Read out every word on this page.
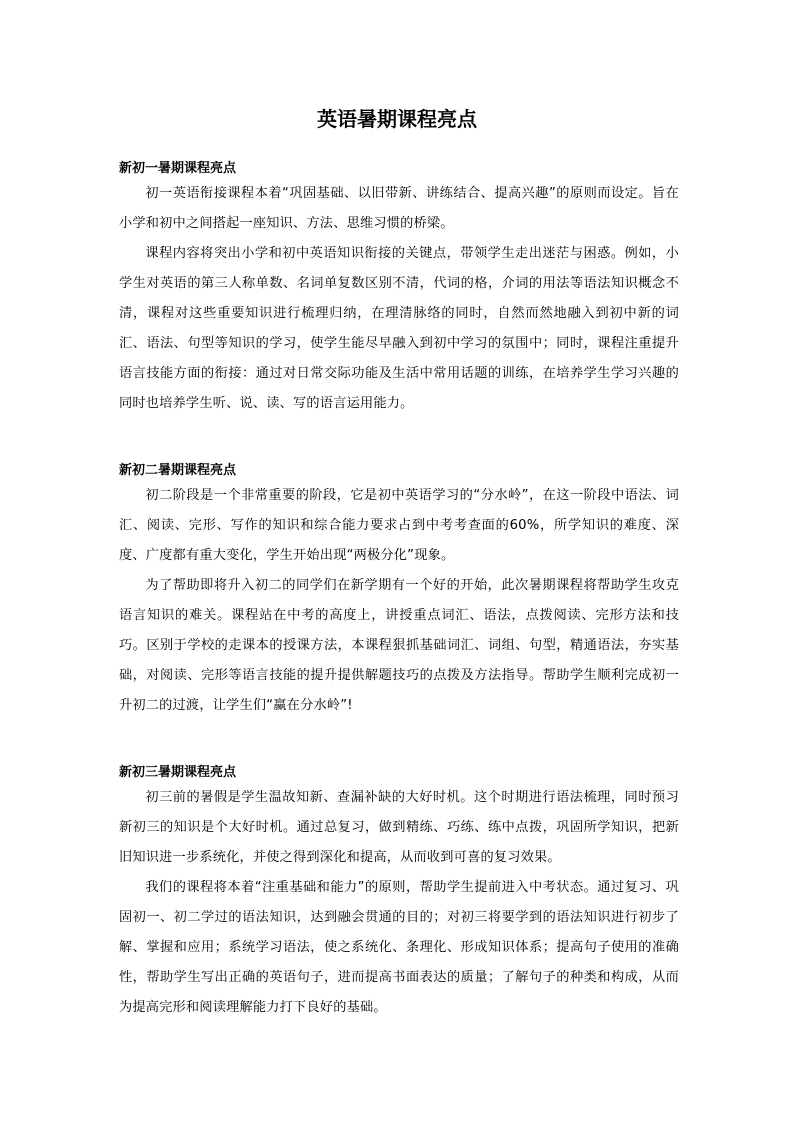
英语暑期课程亮点
新初一暑期课程亮点

初一英语衔接课程本着“巩固基础、以旧带新、讲练结合、提高兴趣”的原则而设定。旨在小学和初中之间搭起一座知识、方法、思维习惯的桥梁。

课程内容将突出小学和初中英语知识衔接的关键点，带领学生走出迷茫与困惑。例如，小学生对英语的第三人称单数、名词单复数区别不清，代词的格，介词的用法等语法知识概念不清，课程对这些重要知识进行梳理归纳，在理清脉络的同时，自然而然地融入到初中新的词汇、语法、句型等知识的学习，使学生能尽早融入到初中学习的氛围中；同时，课程注重提升语言技能方面的衔接：通过对日常交际功能及生活中常用话题的训练，在培养学生学习兴趣的同时也培养学生听、说、读、写的语言运用能力。

新初二暑期课程亮点

初二阶段是一个非常重要的阶段，它是初中英语学习的“分水岭”，在这一阶段中语法、词汇、阅读、完形、写作的知识和综合能力要求占到中考考查面的60%，所学知识的难度、深度、广度都有重大变化，学生开始出现“两极分化”现象。

为了帮助即将升入初二的同学们在新学期有一个好的开始，此次暑期课程将帮助学生攻克语言知识的难关。课程站在中考的高度上，讲授重点词汇、语法，点拨阅读、完形方法和技巧。区别于学校的走课本的授课方法，本课程狠抓基础词汇、词组、句型，精通语法，夯实基础，对阅读、完形等语言技能的提升提供解题技巧的点拨及方法指导。帮助学生顺利完成初一升初二的过渡，让学生们“赢在分水岭”!

新初三暑期课程亮点

初三前的暑假是学生温故知新、查漏补缺的大好时机。这个时期进行语法梳理，同时预习新初三的知识是个大好时机。通过总复习，做到精练、巧练、练中点拨，巩固所学知识，把新旧知识进一步系统化，并使之得到深化和提高，从而收到可喜的复习效果。

我们的课程将本着“注重基础和能力”的原则，帮助学生提前进入中考状态。通过复习、巩固初一、初二学过的语法知识，达到融会贯通的目的；对初三将要学到的语法知识进行初步了解、掌握和应用；系统学习语法，使之系统化、条理化、形成知识体系；提高句子使用的准确性，帮助学生写出正确的英语句子，进而提高书面表达的质量；了解句子的种类和构成，从而为提高完形和阅读理解能力打下良好的基础。
